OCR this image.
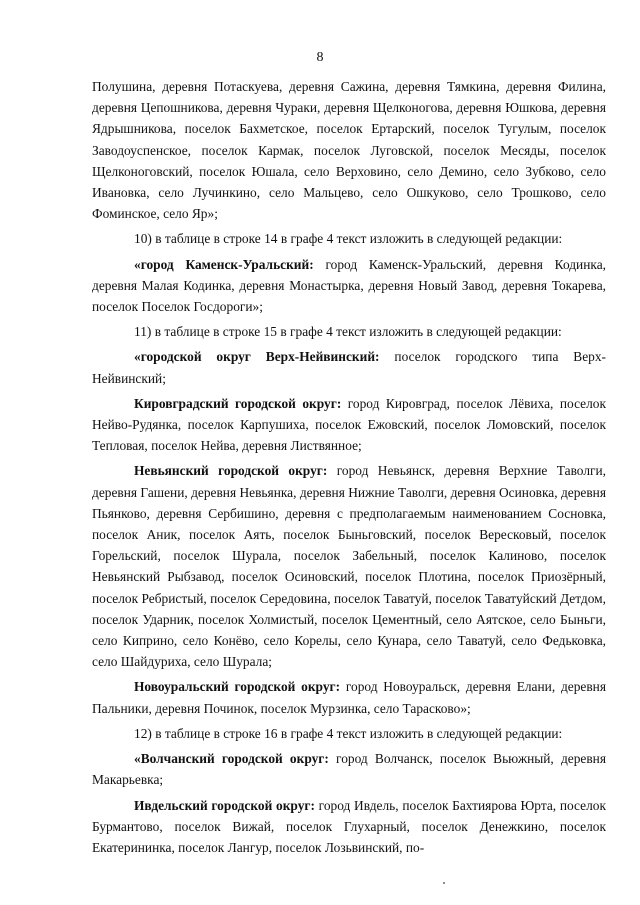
8

Полушина, деревня Потаскуева, деревня Сажина, деревня Тямкина, деревня Филина, деревня Цепошникова, деревня Чураки, деревня Щелконогова, деревня Юшкова, деревня Ядрышникова, поселок Бахметское, поселок Ертарский, поселок Тугулым, поселок Заводоуспенское, поселок Кармак, поселок Луговской, поселок Месяды, поселок Щелконоговский, поселок Юшала, село Верховино, село Демино, село Зубково, село Ивановка, село Лучинкино, село Мальцево, село Ошкуково, село Трошково, село Фоминское, село Яр»;

10) в таблице в строке 14 в графе 4 текст изложить в следующей редакции:

«город Каменск-Уральский: город Каменск-Уральский, деревня Кодинка, деревня Малая Кодинка, деревня Монастырка, деревня Новый Завод, деревня Токарева, поселок Поселок Госдороги»;

11) в таблице в строке 15 в графе 4 текст изложить в следующей редакции:

«городской округ Верх-Нейвинский: поселок городского типа Верх-Нейвинский;

Кировградский городской округ: город Кировград, поселок Лёвиха, поселок Нейво-Рудянка, поселок Карпушиха, поселок Ежовский, поселок Ломовский, поселок Тепловая, поселок Нейва, деревня Листвянное;

Невьянский городской округ: город Невьянск, деревня Верхние Таволги, деревня Гашени, деревня Невьянка, деревня Нижние Таволги, деревня Осиновка, деревня Пьянково, деревня Сербишино, деревня с предполагаемым наименованием Сосновка, поселок Аник, поселок Аять, поселок Быньговский, поселок Вересковый, поселок Горельский, поселок Шурала, поселок Забельный, поселок Калиново, поселок Невьянский Рыбзавод, поселок Осиновский, поселок Плотина, поселок Приозёрный, поселок Ребристый, поселок Середовина, поселок Таватуй, поселок Таватуйский Детдом, поселок Ударник, поселок Холмистый, поселок Цементный, село Аятское, село Быньги, село Киприно, село Конёво, село Корелы, село Кунара, село Таватуй, село Федьковка, село Шайдуриха, село Шурала;

Новоуральский городской округ: город Новоуральск, деревня Елани, деревня Пальники, деревня Починок, поселок Мурзинка, село Тарасково»;

12) в таблице в строке 16 в графе 4 текст изложить в следующей редакции:

«Волчанский городской округ: город Волчанск, поселок Вьюжный, деревня Макарьевка;

Ивдельский городской округ: город Ивдель, поселок Бахтиярова Юрта, поселок Бурмантово, поселок Вижай, поселок Глухарный, поселок Денежкино, поселок Екатерининка, поселок Лангур, поселок Лозьвинский, по-
